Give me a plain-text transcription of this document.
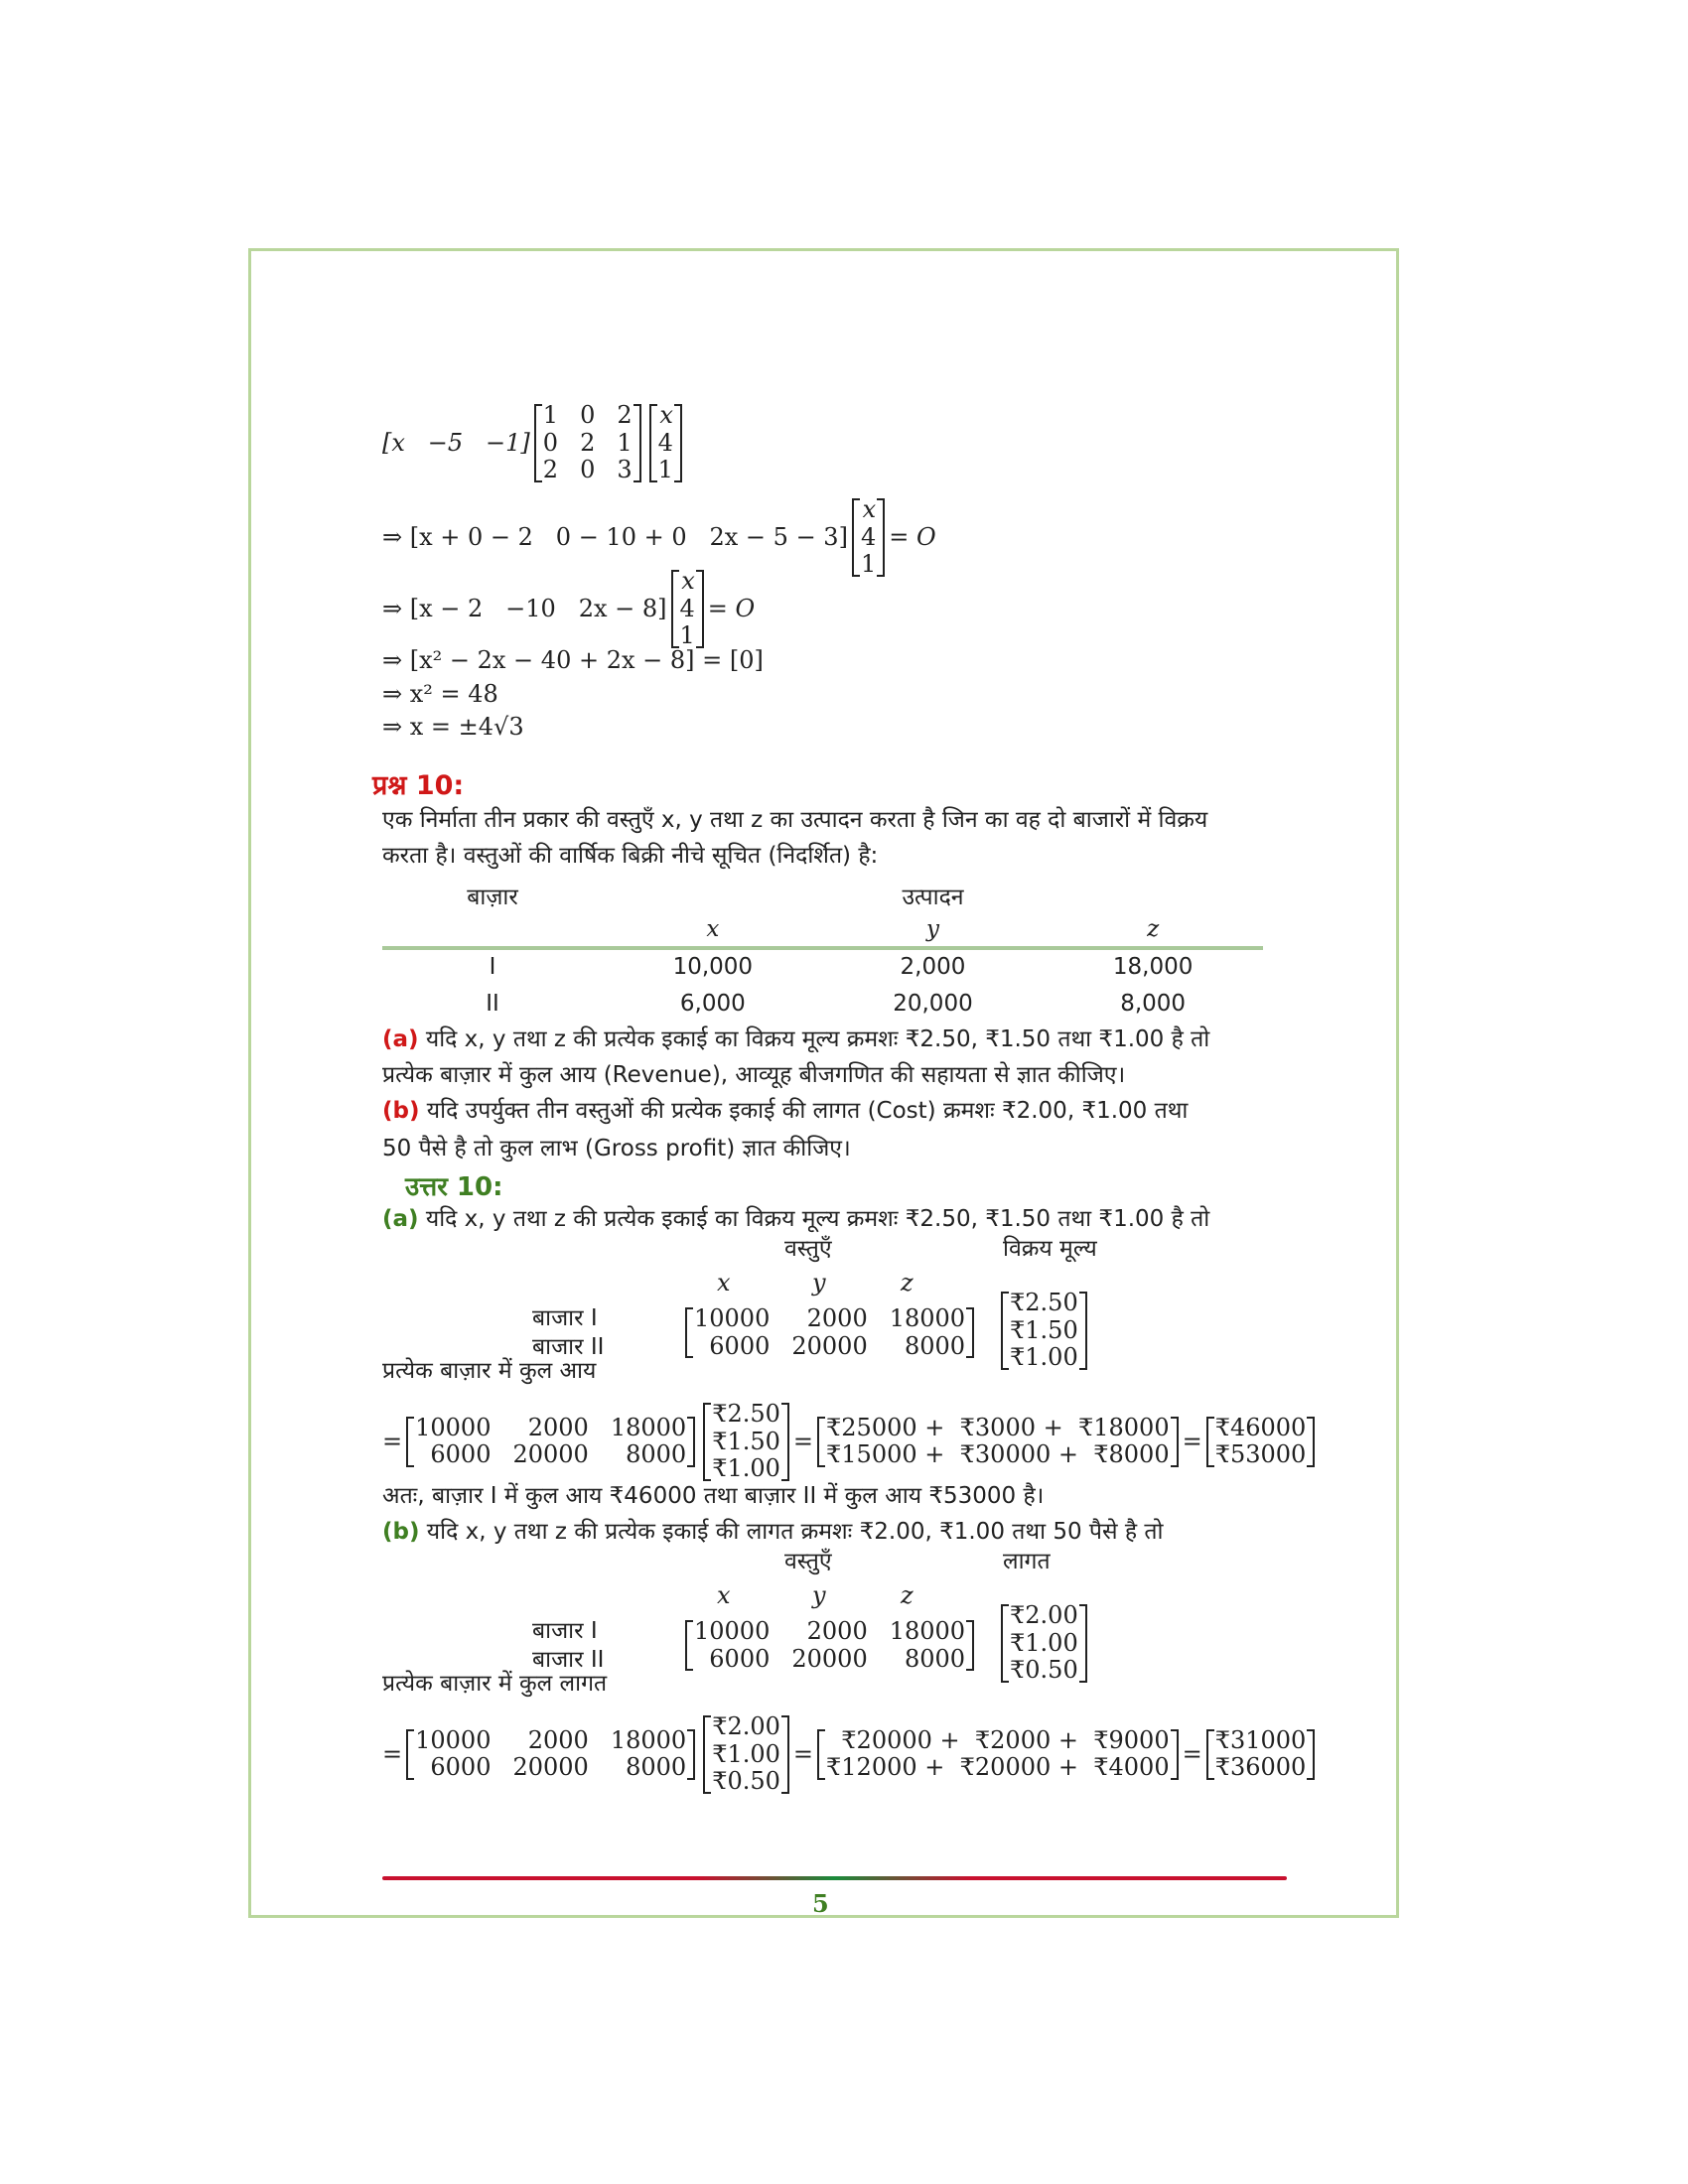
[x   −5   −1]
1 0 2
0 2 1
2 0 3
x
4
1
⇒ [x + 0 − 2   0 − 10 + 0   2x − 5 − 3]
x
4
1
= O
⇒ [x − 2   −10   2x − 8]
x
4
1
= O
⇒ [x² − 2x − 40 + 2x − 8] = [0]
⇒ x² = 48
⇒ x = ±4√3
प्रश्न 10:
एक निर्माता तीन प्रकार की वस्तुएँ x, y तथा z का उत्पादन करता है जिन का वह दो बाजारों में विक्रय
करता है। वस्तुओं की वार्षिक बिक्री नीचे सूचित (निदर्शित) है:
बाज़ार	उत्पादन		
	x	y	z
I	10,000	2,000	18,000
II	6,000	20,000	8,000
(a) यदि x, y तथा z की प्रत्येक इकाई का विक्रय मूल्य क्रमशः ₹2.50, ₹1.50 तथा ₹1.00 है तो
प्रत्येक बाज़ार में कुल आय (Revenue), आव्यूह बीजगणित की सहायता से ज्ञात कीजिए।
(b) यदि उपर्युक्त तीन वस्तुओं की प्रत्येक इकाई की लागत (Cost) क्रमशः ₹2.00, ₹1.00 तथा
50 पैसे है तो कुल लाभ (Gross profit) ज्ञात कीजिए।
उत्तर 10:
(a) यदि x, y तथा z की प्रत्येक इकाई का विक्रय मूल्य क्रमशः ₹2.50, ₹1.50 तथा ₹1.00 है तो
वस्तुएँ	विक्रय मूल्य
x	y	z
बाजार I
बाजार II
10000	2000 18000
6000 20000	8000
₹2.50
₹1.50
₹1.00
प्रत्येक बाज़ार में कुल आय
=
10000	2000 18000
6000 20000	8000
₹2.50
₹1.50
₹1.00
=
₹25000 +  ₹3000 +  ₹18000
₹15000 +  ₹30000 +  ₹8000 =
₹46000
₹53000
(b) यदि x, y तथा z की प्रत्येक इकाई की लागत क्रमशः ₹2.00, ₹1.00 तथा 50 पैसे है तो
वस्तुएँ	लागत
x	y	z
बाजार I
बाजार II
10000	2000 18000
6000 20000	8000
₹2.00
₹1.00
₹0.50
प्रत्येक बाज़ार में कुल लागत
=
10000	2000 18000
6000 20000	8000
₹2.00
₹1.00
₹0.50
=
₹20000 +  ₹2000 +  ₹9000
₹12000 +  ₹20000 +  ₹4000 =
₹31000
₹36000
अतः, बाज़ार I में कुल आय ₹46000 तथा बाज़ार II में कुल आय ₹53000 है।
5
